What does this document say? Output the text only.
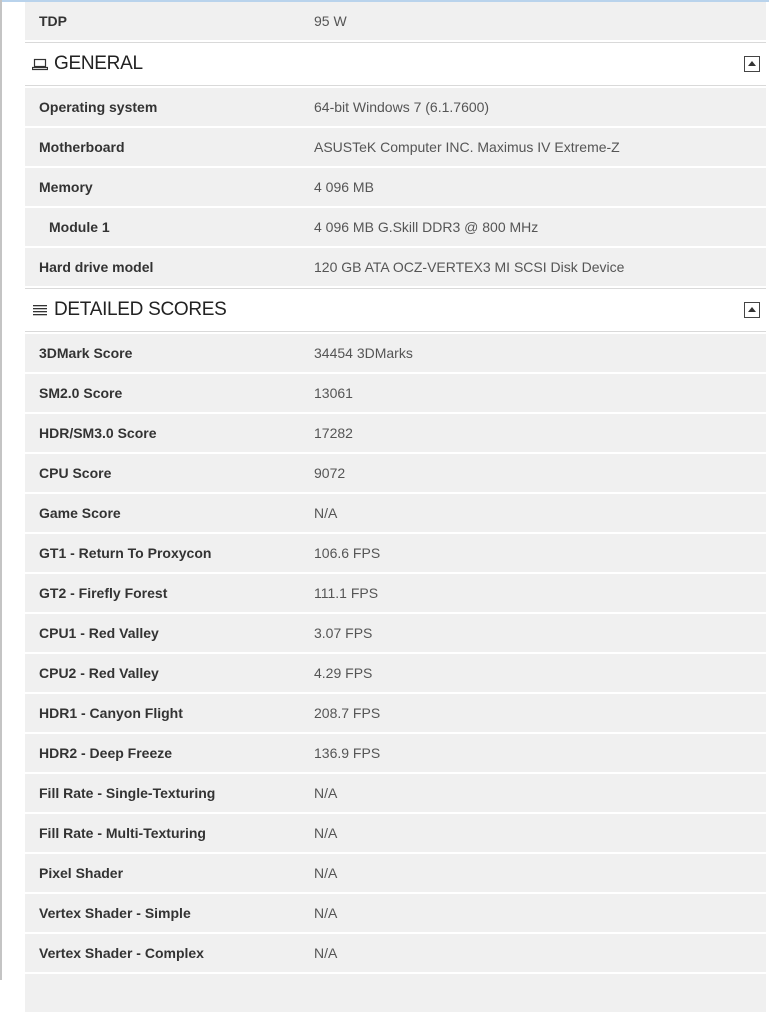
TDP	95 W
GENERAL
Operating system	64-bit Windows 7 (6.1.7600)
Motherboard	ASUSTeK Computer INC. Maximus IV Extreme-Z
Memory	4 096 MB
Module 1	4 096 MB G.Skill DDR3 @ 800 MHz
Hard drive model	120 GB ATA OCZ-VERTEX3 MI SCSI Disk Device
DETAILED SCORES
3DMark Score	34454 3DMarks
SM2.0 Score	13061
HDR/SM3.0 Score	17282
CPU Score	9072
Game Score	N/A
GT1 - Return To Proxycon	106.6 FPS
GT2 - Firefly Forest	111.1 FPS
CPU1 - Red Valley	3.07 FPS
CPU2 - Red Valley	4.29 FPS
HDR1 - Canyon Flight	208.7 FPS
HDR2 - Deep Freeze	136.9 FPS
Fill Rate - Single-Texturing	N/A
Fill Rate - Multi-Texturing	N/A
Pixel Shader	N/A
Vertex Shader - Simple	N/A
Vertex Shader - Complex	N/A
